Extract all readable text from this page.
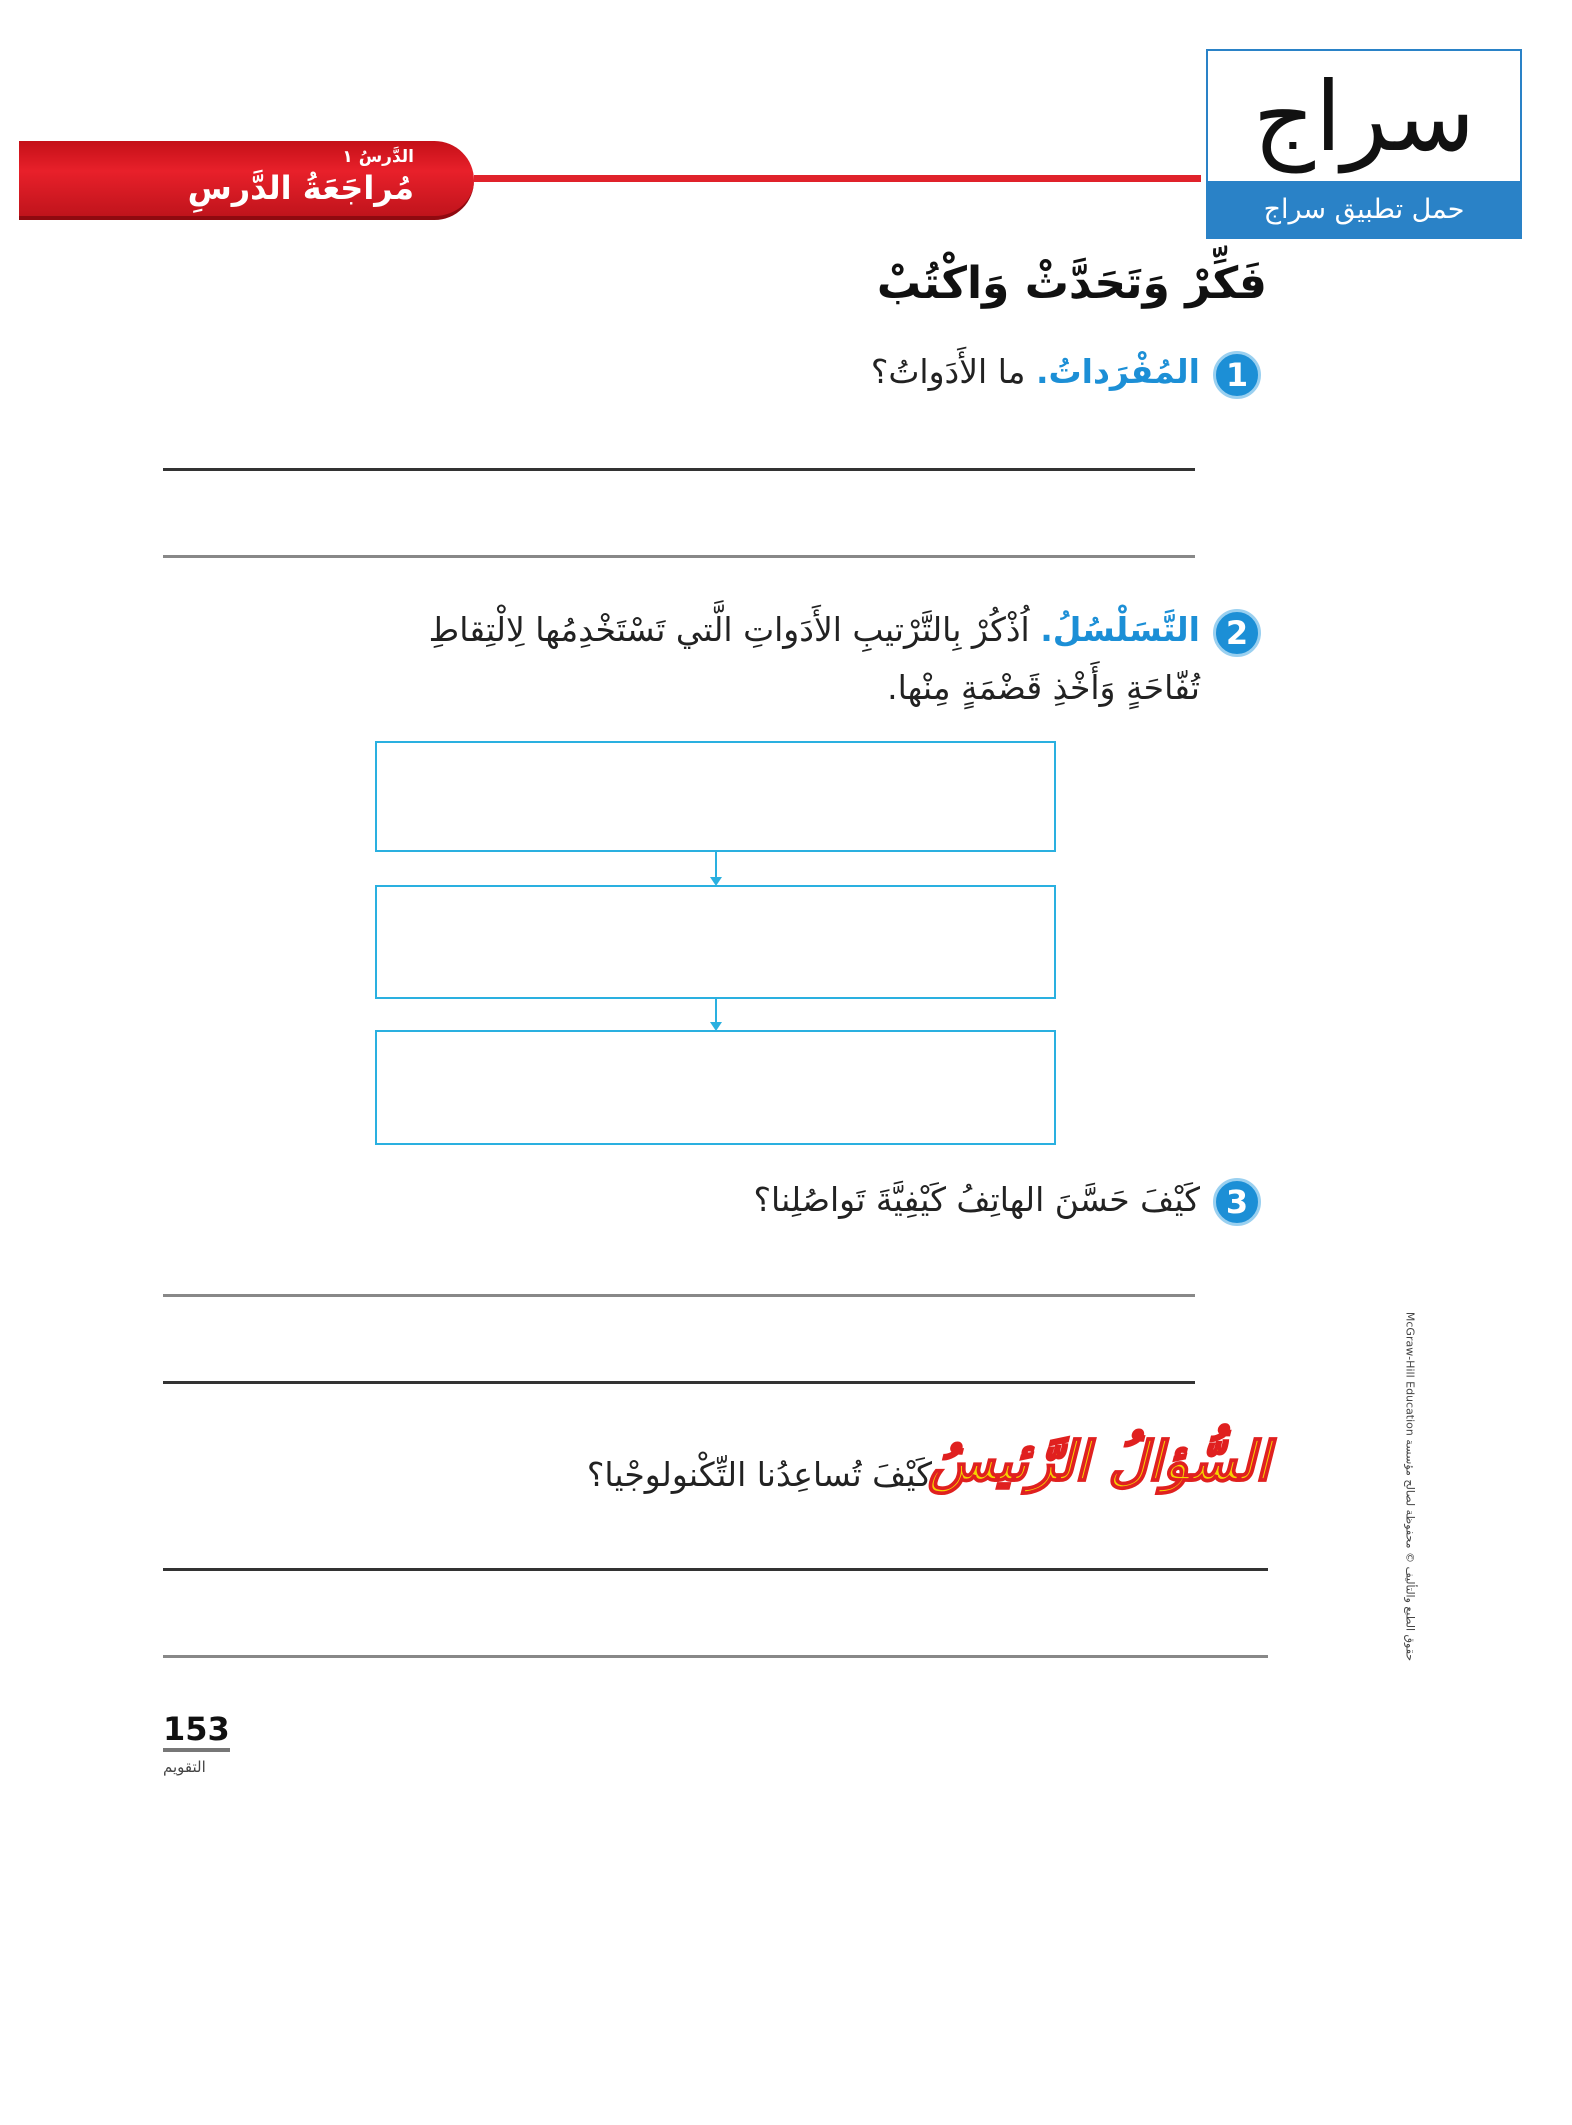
الدَّرسُ ١
مُراجَعَةُ الدَّرسِ
سراج
حمل تطبيق سراج
فَكِّرْ وَتَحَدَّثْ وَاكْتُبْ
1
المُفْرَداتُ. ما الأَدَواتُ؟
2
التَّسَلْسُلُ. اُذْكُرْ بِالتَّرْتيبِ الأَدَواتِ الَّتي تَسْتَخْدِمُها لِالْتِقاطِ
تُفّاحَةٍ وَأَخْذِ قَضْمَةٍ مِنْها.
3
كَيْفَ حَسَّنَ الهاتِفُ كَيْفِيَّةَ تَواصُلِنا؟
السُّؤالُ الرَّئيسُ
كَيْفَ تُساعِدُنا التِّكْنولوجْيا؟
153
التقويم
حقوق الطبع والتأليف © محفوظة لصالح مؤسسة McGraw-Hill Education
